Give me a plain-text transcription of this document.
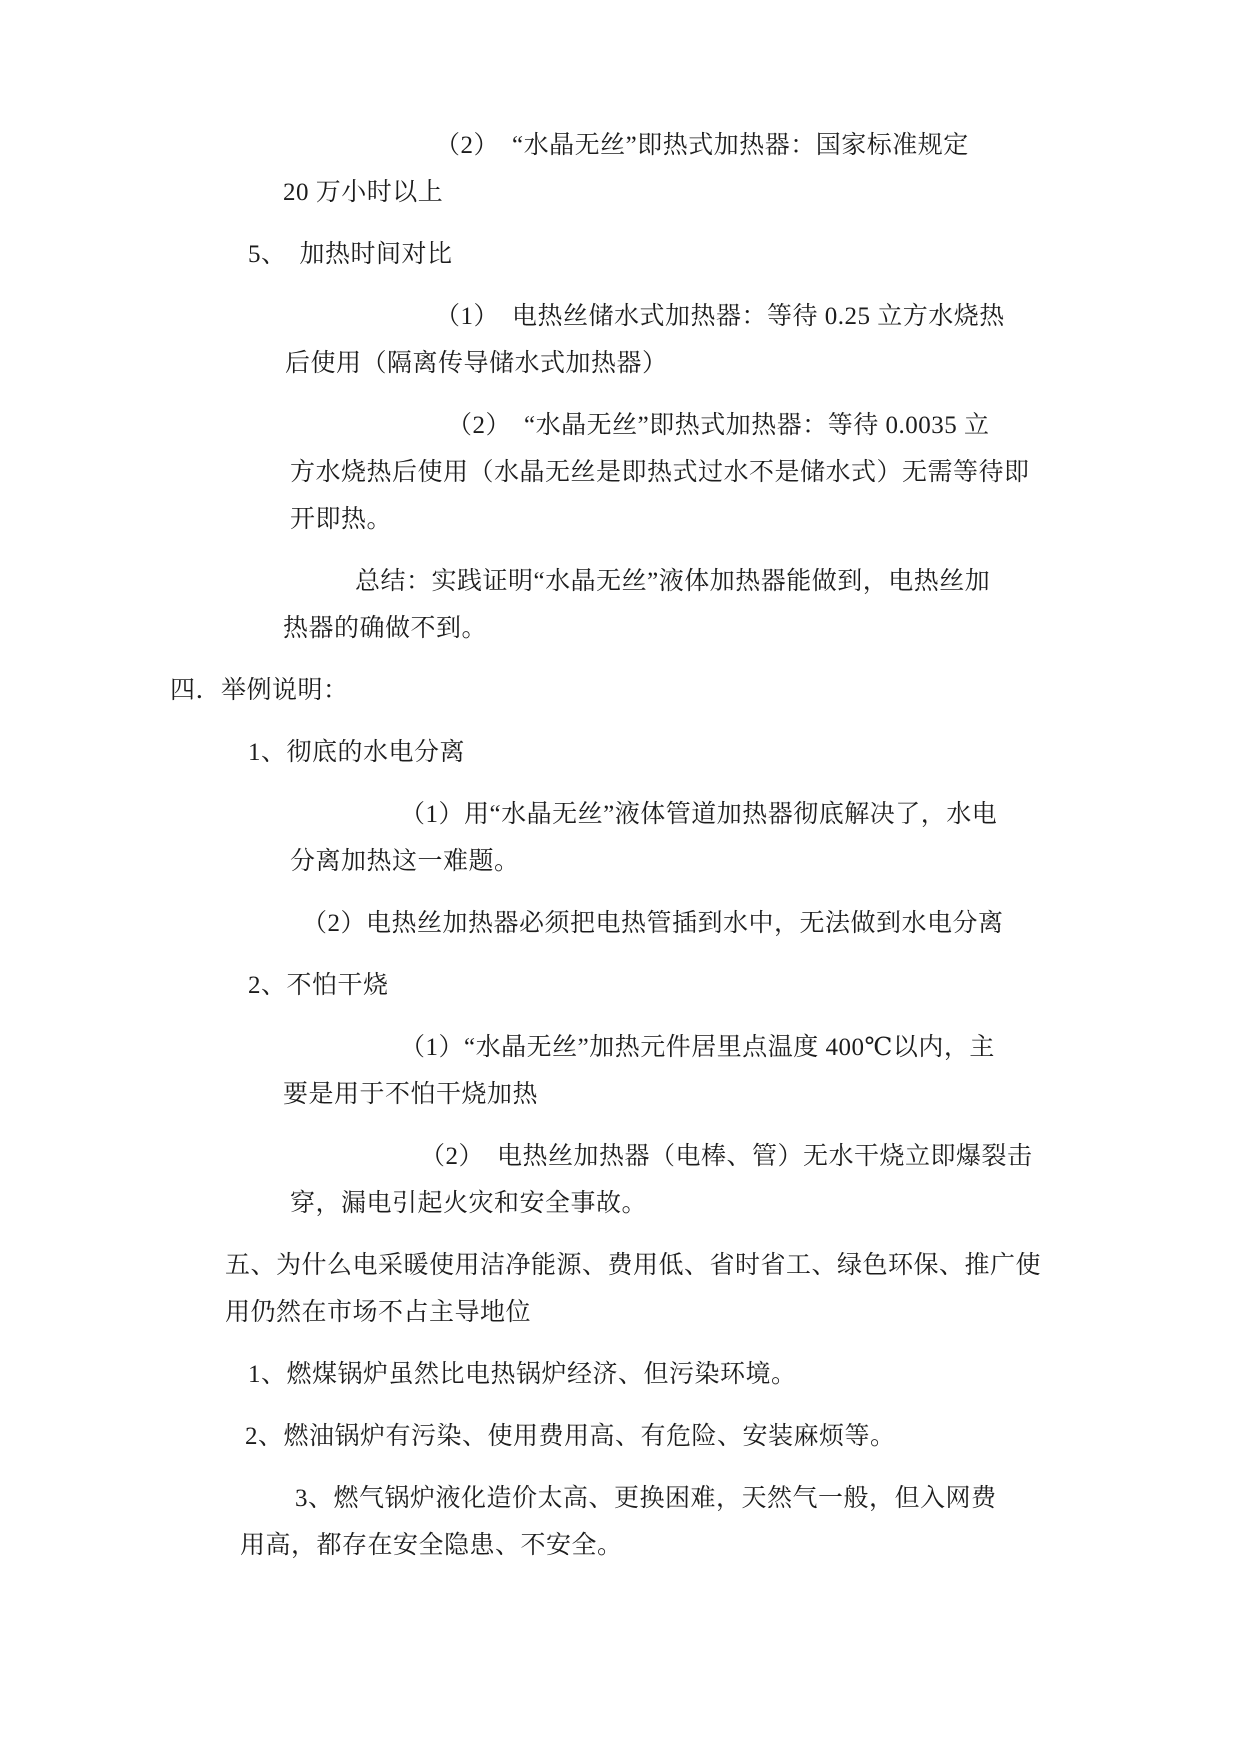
（2）　“水晶无丝”即热式加热器：国家标准规定
20 万小时以上
5、　加热时间对比
（1）　电热丝储水式加热器：等待 0.25 立方水烧热
后使用（隔离传导储水式加热器）
（2）　“水晶无丝”即热式加热器：等待 0.0035 立
方水烧热后使用（水晶无丝是即热式过水不是储水式）无需等待即
开即热。
总结：实践证明“水晶无丝”液体加热器能做到，电热丝加
热器的确做不到。
四．举例说明：
1、彻底的水电分离
（1）用“水晶无丝”液体管道加热器彻底解决了，水电
分离加热这一难题。
（2）电热丝加热器必须把电热管插到水中，无法做到水电分离
2、不怕干烧
（1）“水晶无丝”加热元件居里点温度 400℃以内，主
要是用于不怕干烧加热
（2）　电热丝加热器（电棒、管）无水干烧立即爆裂击
穿，漏电引起火灾和安全事故。
五、为什么电采暖使用洁净能源、费用低、省时省工、绿色环保、推广使
用仍然在市场不占主导地位
1、燃煤锅炉虽然比电热锅炉经济、但污染环境。
2、燃油锅炉有污染、使用费用高、有危险、安装麻烦等。
3、燃气锅炉液化造价太高、更换困难，天然气一般，但入网费
用高，都存在安全隐患、不安全。
